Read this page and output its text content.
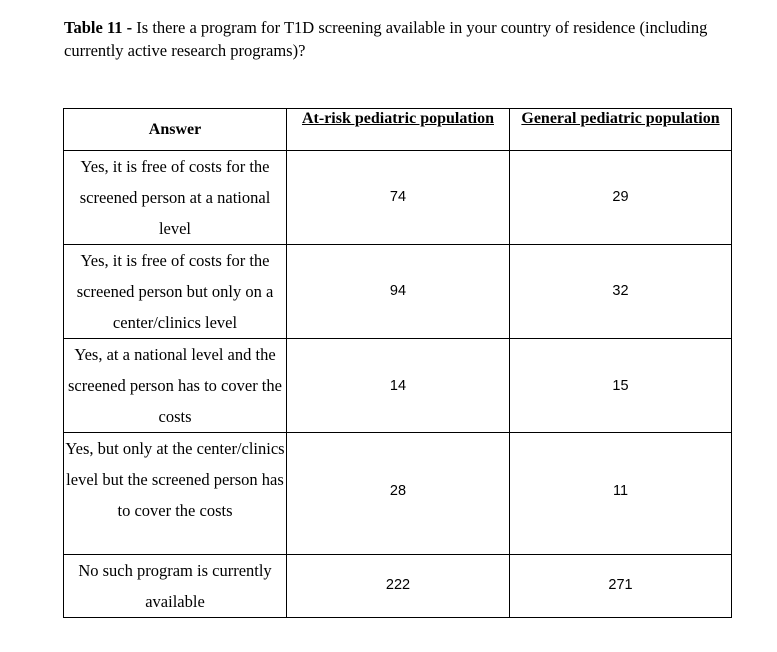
Table 11 - Is there a program for T1D screening available in your country of residence (including currently active research programs)?
Answer	At-risk pediatric population	General pediatric population
Yes, it is free of costs for the screened person at a national level	74	29
Yes, it is free of costs for the screened person but only on a center/clinics level	94	32
Yes, at a national level and the screened person has to cover the costs	14	15
Yes, but only at the center/clinics level but the screened person has to cover the costs	28	11
No such program is currently available	222	271
